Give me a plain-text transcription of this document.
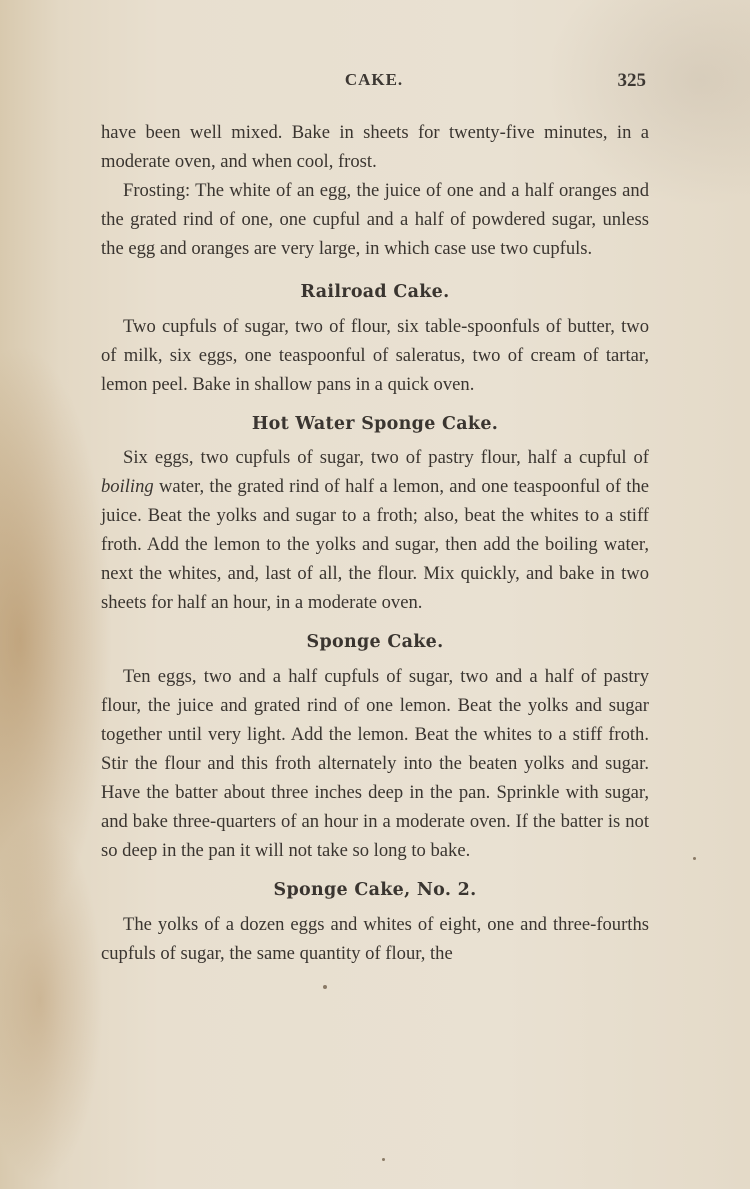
CAKE.	325

have been well mixed. Bake in sheets for twenty-five minutes, in a moderate oven, and when cool, frost.

Frosting: The white of an egg, the juice of one and a half oranges and the grated rind of one, one cupful and a half of powdered sugar, unless the egg and oranges are very large, in which case use two cupfuls.

Railroad Cake.

Two cupfuls of sugar, two of flour, six table-spoonfuls of butter, two of milk, six eggs, one teaspoonful of saleratus, two of cream of tartar, lemon peel. Bake in shallow pans in a quick oven.

Hot Water Sponge Cake.

Six eggs, two cupfuls of sugar, two of pastry flour, half a cupful of boiling water, the grated rind of half a lemon, and one teaspoonful of the juice. Beat the yolks and sugar to a froth; also, beat the whites to a stiff froth. Add the lemon to the yolks and sugar, then add the boiling water, next the whites, and, last of all, the flour. Mix quickly, and bake in two sheets for half an hour, in a moderate oven.

Sponge Cake.

Ten eggs, two and a half cupfuls of sugar, two and a half of pastry flour, the juice and grated rind of one lemon. Beat the yolks and sugar together until very light. Add the lemon. Beat the whites to a stiff froth. Stir the flour and this froth alternately into the beaten yolks and sugar. Have the batter about three inches deep in the pan. Sprinkle with sugar, and bake three-quarters of an hour in a moderate oven. If the batter is not so deep in the pan it will not take so long to bake.

Sponge Cake, No. 2.

The yolks of a dozen eggs and whites of eight, one and three-fourths cupfuls of sugar, the same quantity of flour, the
